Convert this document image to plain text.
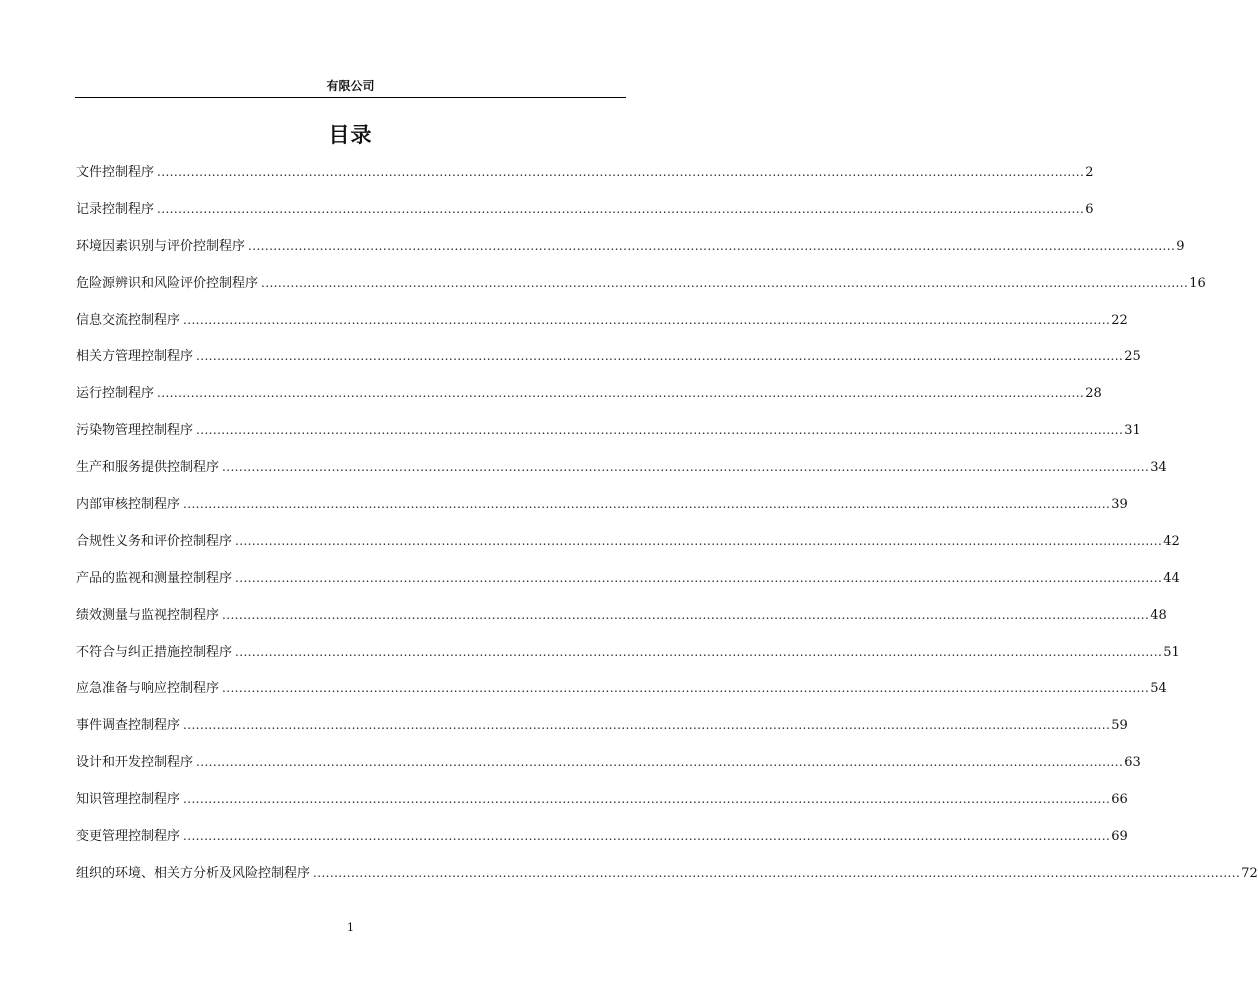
有限公司
目录
文件控制程序 ............................................................................................................................................................................................................................ 2
记录控制程序 ............................................................................................................................................................................................................................ 6
环境因素识别与评价控制程序 ............................................................................................................................................................................................................................ 9
危险源辨识和风险评价控制程序 ............................................................................................................................................................................................................................ 16
信息交流控制程序 ............................................................................................................................................................................................................................ 22
相关方管理控制程序 ............................................................................................................................................................................................................................ 25
运行控制程序 ............................................................................................................................................................................................................................ 28
污染物管理控制程序 ............................................................................................................................................................................................................................ 31
生产和服务提供控制程序 ............................................................................................................................................................................................................................ 34
内部审核控制程序 ............................................................................................................................................................................................................................ 39
合规性义务和评价控制程序 ............................................................................................................................................................................................................................ 42
产品的监视和测量控制程序 ............................................................................................................................................................................................................................ 44
绩效测量与监视控制程序 ............................................................................................................................................................................................................................ 48
不符合与纠正措施控制程序 ............................................................................................................................................................................................................................ 51
应急准备与响应控制程序 ............................................................................................................................................................................................................................ 54
事件调查控制程序 ............................................................................................................................................................................................................................ 59
设计和开发控制程序 ............................................................................................................................................................................................................................ 63
知识管理控制程序 ............................................................................................................................................................................................................................ 66
变更管理控制程序 ............................................................................................................................................................................................................................ 69
组织的环境、相关方分析及风险控制程序 ............................................................................................................................................................................................................................ 72
1
